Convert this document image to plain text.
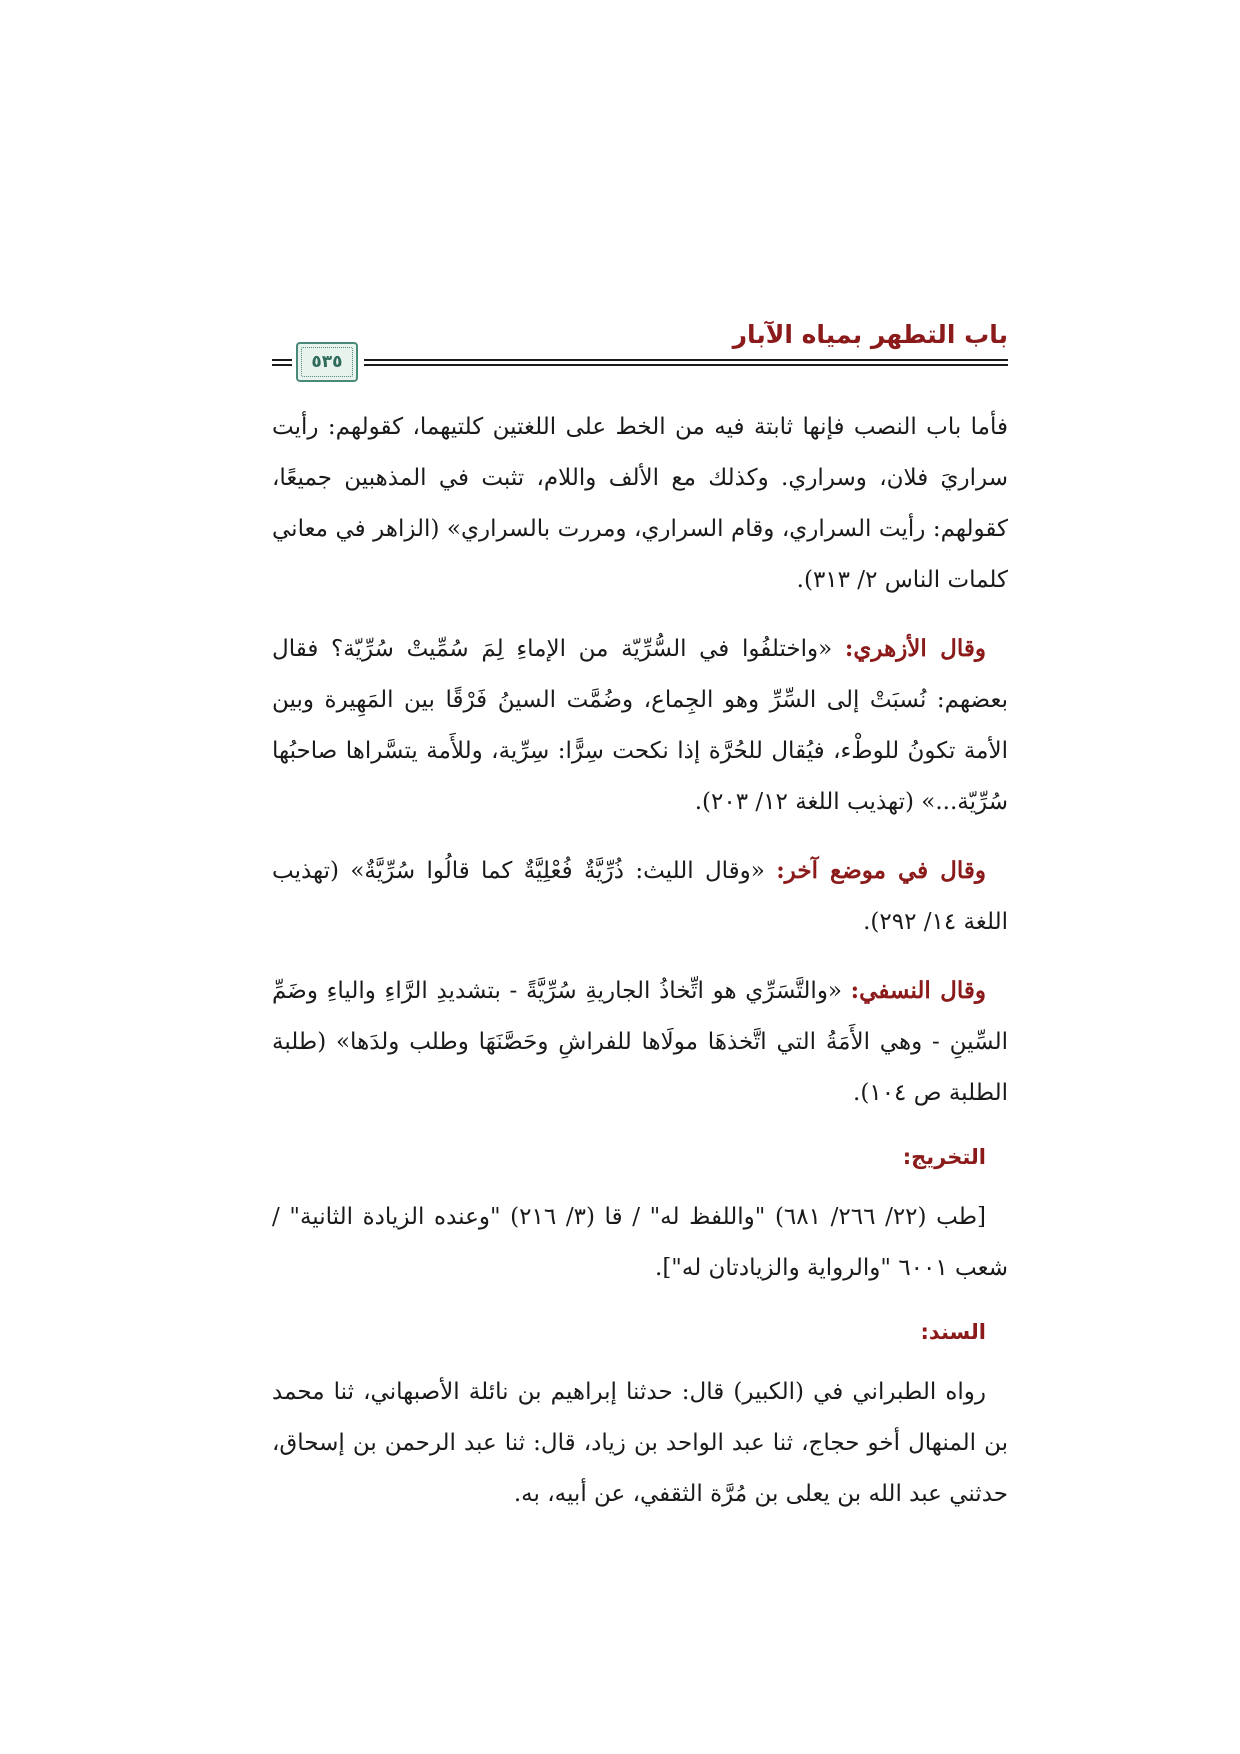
باب التطهر بمياه الآبار
٥٣٥

فأما باب النصب فإنها ثابتة فيه من الخط على اللغتين كلتيهما، كقولهم: رأيت سراريَ فلان، وسراري. وكذلك مع الألف واللام، تثبت في المذهبين جميعًا، كقولهم: رأيت السراري، وقام السراري، ومررت بالسراري» (الزاهر في معاني كلمات الناس ٢/ ٣١٣).

وقال الأزهري: «واختلفُوا في السُّرِّيّة من الإماءِ لِمَ سُمِّيتْ سُرِّيّة؟ فقال بعضهم: نُسبَتْ إلى السِّرِّ وهو الجِماع، وضُمَّت السينُ فَرْقًا بين المَهِيرة وبين الأمة تكونُ للوطْء، فيُقال للحُرَّة إذا نكحت سِرًّا: سِرِّية، وللأَمة يتسَّراها صاحبُها سُرِّيّة...» (تهذيب اللغة ١٢/ ٢٠٣).

وقال في موضع آخر: «وقال الليث: ذُرِّيَّةٌ فُعْلِيَّةٌ كما قالُوا سُرِّيَّةٌ» (تهذيب اللغة ١٤/ ٢٩٢).

وقال النسفي: «والتَّسَرِّي هو اتِّخاذُ الجاريةِ سُرِّيَّةً - بتشديدِ الرَّاءِ والياءِ وضَمِّ السِّينِ - وهي الأَمَةُ التي اتَّخذهَا مولَاها للفراشِ وحَصَّنَهَا وطلب ولدَها» (طلبة الطلبة ص ١٠٤).

التخريج:

[طب (٢٢/ ٢٦٦/ ٦٨١) "واللفظ له" / قا (٣/ ٢١٦) "وعنده الزيادة الثانية" / شعب ٦٠٠١ "والرواية والزيادتان له"].

السند:

رواه الطبراني في (الكبير) قال: حدثنا إبراهيم بن نائلة الأصبهاني، ثنا محمد بن المنهال أخو حجاج، ثنا عبد الواحد بن زياد، قال: ثنا عبد الرحمن بن إسحاق، حدثني عبد الله بن يعلى بن مُرَّة الثقفي، عن أبيه، به.
